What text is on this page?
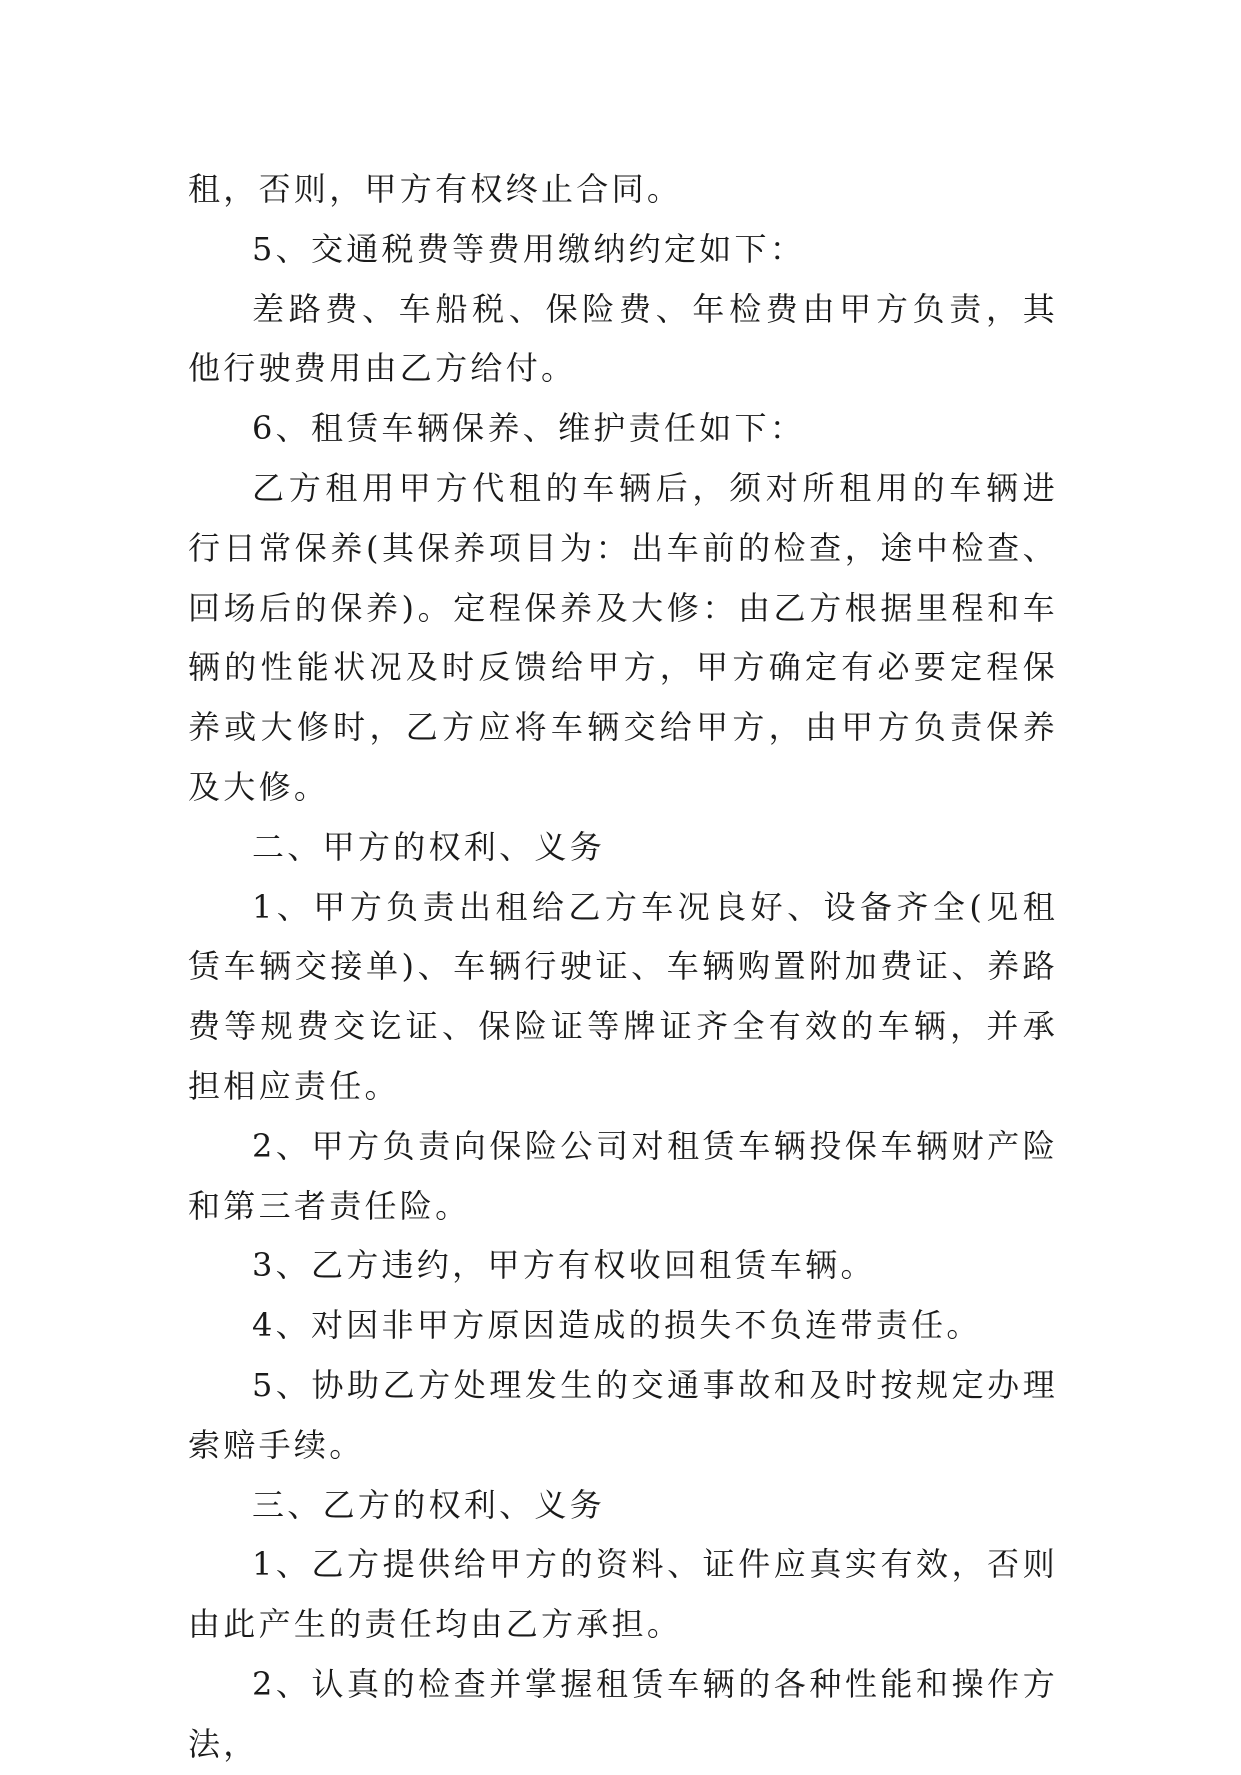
租，否则，甲方有权终止合同。

5、交通税费等费用缴纳约定如下：

差路费、车船税、保险费、年检费由甲方负责，其他行驶费用由乙方给付。

6、租赁车辆保养、维护责任如下：

乙方租用甲方代租的车辆后，须对所租用的车辆进行日常保养(其保养项目为：出车前的检查，途中检查、回场后的保养)。定程保养及大修：由乙方根据里程和车辆的性能状况及时反馈给甲方，甲方确定有必要定程保养或大修时，乙方应将车辆交给甲方，由甲方负责保养及大修。

二、甲方的权利、义务

1、甲方负责出租给乙方车况良好、设备齐全(见租赁车辆交接单)、车辆行驶证、车辆购置附加费证、养路费等规费交讫证、保险证等牌证齐全有效的车辆，并承担相应责任。

2、甲方负责向保险公司对租赁车辆投保车辆财产险和第三者责任险。

3、乙方违约，甲方有权收回租赁车辆。

4、对因非甲方原因造成的损失不负连带责任。

5、协助乙方处理发生的交通事故和及时按规定办理索赔手续。

三、乙方的权利、义务

1、乙方提供给甲方的资料、证件应真实有效，否则由此产生的责任均由乙方承担。

2、认真的检查并掌握租赁车辆的各种性能和操作方法，
